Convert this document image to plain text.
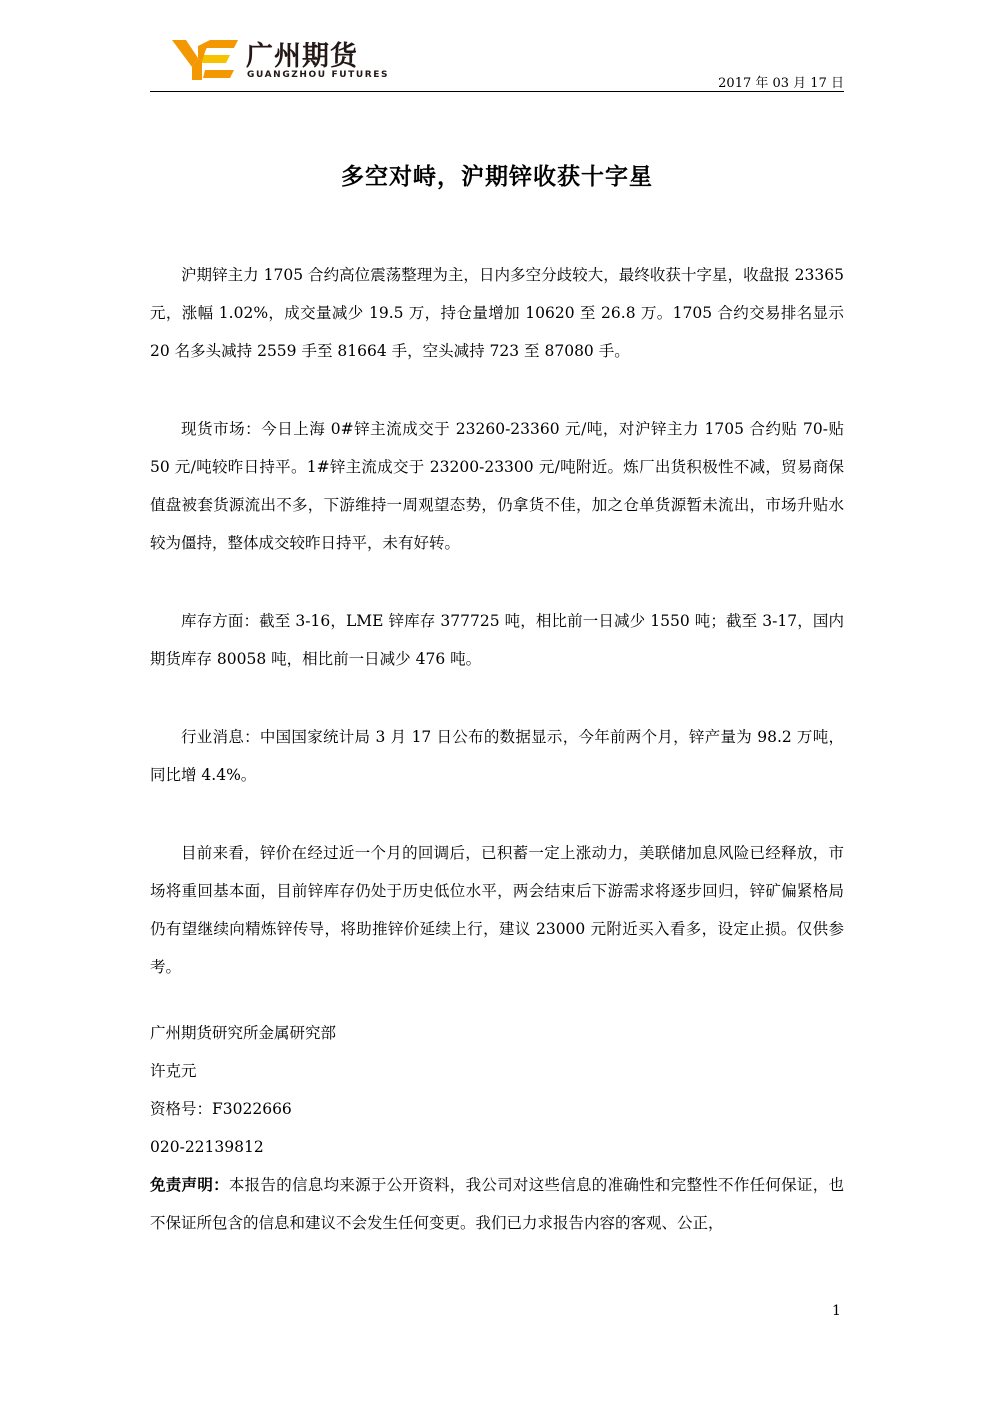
广州期货
GUANGZHOU FUTURES
2017 年 03 月 17 日
多空对峙，沪期锌收获十字星

沪期锌主力 1705 合约高位震荡整理为主，日内多空分歧较大，最终收获十字星，收盘报 23365 元，涨幅 1.02%，成交量减少 19.5 万，持仓量增加 10620 至 26.8 万。1705 合约交易排名显示 20 名多头减持 2559 手至 81664 手，空头减持 723 至 87080 手。

现货市场：今日上海 0#锌主流成交于 23260-23360 元/吨，对沪锌主力 1705 合约贴 70-贴 50 元/吨较昨日持平。1#锌主流成交于 23200-23300 元/吨附近。炼厂出货积极性不减，贸易商保值盘被套货源流出不多，下游维持一周观望态势，仍拿货不佳，加之仓单货源暂未流出，市场升贴水较为僵持，整体成交较昨日持平，未有好转。

库存方面：截至 3-16，LME 锌库存 377725 吨，相比前一日减少 1550 吨；截至 3-17，国内期货库存 80058 吨，相比前一日减少 476 吨。

行业消息：中国国家统计局 3 月 17 日公布的数据显示，今年前两个月，锌产量为 98.2 万吨，同比增 4.4%。

目前来看，锌价在经过近一个月的回调后，已积蓄一定上涨动力，美联储加息风险已经释放，市场将重回基本面，目前锌库存仍处于历史低位水平，两会结束后下游需求将逐步回归，锌矿偏紧格局仍有望继续向精炼锌传导，将助推锌价延续上行，建议 23000 元附近买入看多，设定止损。仅供参考。

广州期货研究所金属研究部

许克元

资格号：F3022666

020-22139812

免责声明：本报告的信息均来源于公开资料，我公司对这些信息的准确性和完整性不作任何保证，也不保证所包含的信息和建议不会发生任何变更。我们已力求报告内容的客观、公正，

1
